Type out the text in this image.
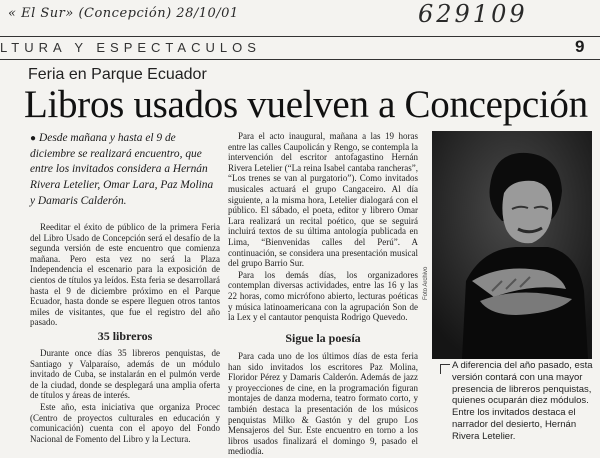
« El Sur» (Concepción) 28/10/01	629109
LTURA Y ESPECTACULOS	9
Feria en Parque Ecuador
Libros usados vuelven a Concepción
● Desde mañana y hasta el 9 de diciembre se realizará encuentro, que entre los invitados considera a Hernán Rivera Letelier, Omar Lara, Paz Molina y Damaris Calderón.

Reeditar el éxito de público de la primera Feria del Libro Usado de Concepción será el desafío de la segunda versión de este encuentro que comienza mañana. Pero esta vez no será la Plaza Independencia el escenario para la exposición de cientos de títulos ya leídos. Esta feria se desarrollará hasta el 9 de diciembre próximo en el Parque Ecuador, hasta donde se espere lleguen otros tantos miles de visitantes, que fue el registro del año pasado.

35 libreros

Durante once días 35 libreros penquistas, de Santiago y Valparaíso, además de un módulo invitado de Cuba, se instalarán en el pulmón verde de la ciudad, donde se desplegará una amplia oferta de títulos y áreas de interés.

Este año, esta iniciativa que organiza Procec (Centro de proyectos culturales en educación y comunicación) cuenta con el apoyo del Fondo Nacional de Fomento del Libro y la Lectura.

Para el acto inaugural, mañana a las 19 horas entre las calles Caupolicán y Rengo, se contempla la intervención del escritor antofagastino Hernán Rivera Letelier (“La reina Isabel cantaba rancheras”, “Los trenes se van al purgatorio”). Como invitados musicales actuará el grupo Cangaceiro. Al día siguiente, a la misma hora, Letelier dialogará con el público. El sábado, el poeta, editor y librero Omar Lara realizará un recital poético, que se seguirá incluirá textos de su última antología publicada en Lima, “Bienvenidas calles del Perú”. A continuación, se considera una presentación musical del grupo Barrio Sur.

Para los demás días, los organizadores contemplan diversas actividades, entre las 16 y las 22 horas, como micrófono abierto, lecturas poéticas y música latinoamericana con la agrupación Son de la Lex y el cantautor penquista Rodrigo Quevedo.

Sigue la poesía

Para cada uno de los últimos días de esta feria han sido invitados los escritores Paz Molina, Floridor Pérez y Damaris Calderón. Además de jazz y proyecciones de cine, en la programación figuran montajes de danza moderna, teatro formato corto, y también destaca la presentación de los músicos penquistas Milko & Gastón y del grupo Los Mensajeros del Sur. Este encuentro en torno a los libros usados finalizará el domingo 9, pasado el mediodía.

Foto Archivo
A diferencia del año pasado, esta versión contará con una mayor presencia de libreros penquistas, quienes ocuparán diez módulos. Entre los invitados destaca el narrador del desierto, Hernán Rivera Letelier.
